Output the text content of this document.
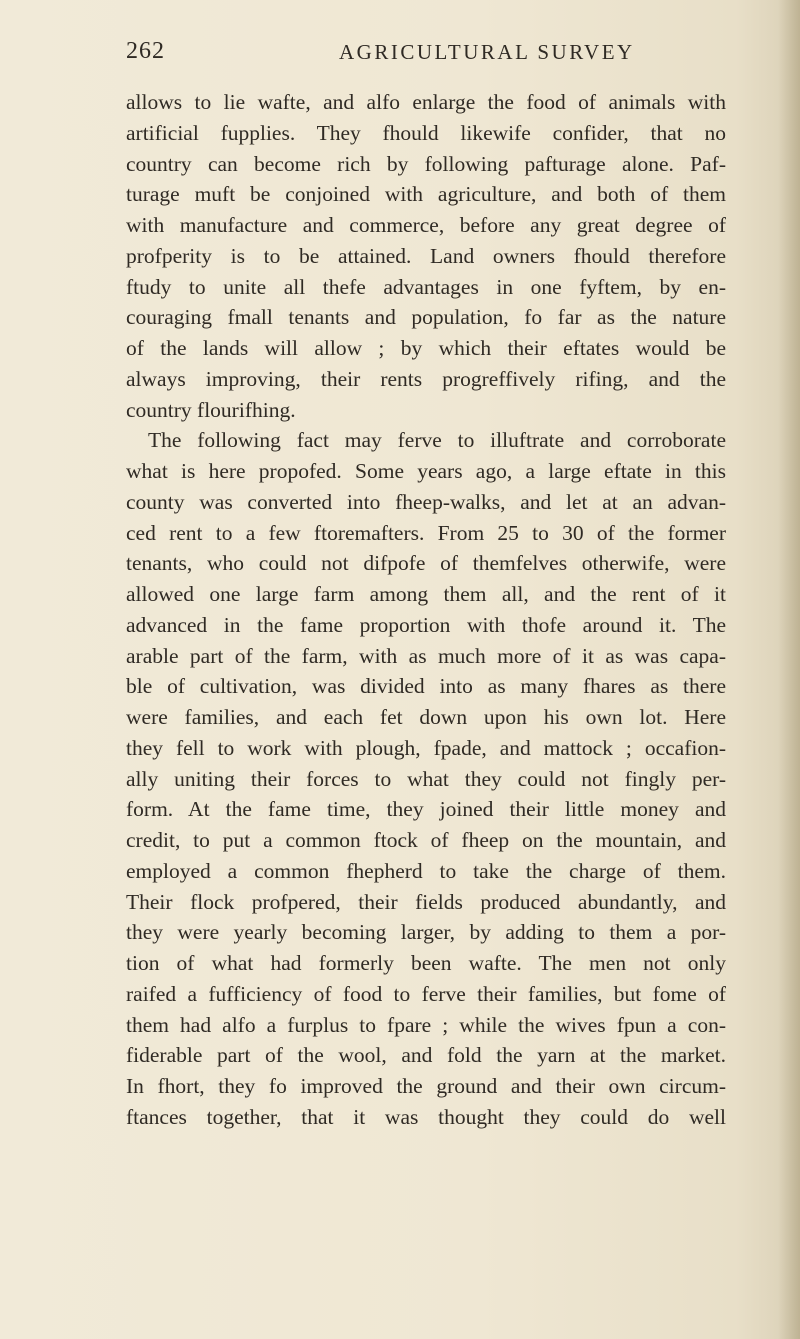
262	AGRICULTURAL SURVEY
allows to lie wafte, and alfo enlarge the food of animals with
artificial fupplies. They fhould likewife confider, that no
country can become rich by following pafturage alone. Paf-
turage muft be conjoined with agriculture, and both of them
with manufacture and commerce, before any great degree of
profperity is to be attained. Land owners fhould therefore
ftudy to unite all thefe advantages in one fyftem, by en-
couraging fmall tenants and population, fo far as the nature
of the lands will allow ; by which their eftates would be
always improving, their rents progreffively rifing, and the
country flourifhing.
The following fact may ferve to illuftrate and corroborate
what is here propofed. Some years ago, a large eftate in this
county was converted into fheep-walks, and let at an advan-
ced rent to a few ftoremafters. From 25 to 30 of the former
tenants, who could not difpofe of themfelves otherwife, were
allowed one large farm among them all, and the rent of it
advanced in the fame proportion with thofe around it. The
arable part of the farm, with as much more of it as was capa-
ble of cultivation, was divided into as many fhares as there
were families, and each fet down upon his own lot. Here
they fell to work with plough, fpade, and mattock ; occafion-
ally uniting their forces to what they could not fingly per-
form. At the fame time, they joined their little money and
credit, to put a common ftock of fheep on the mountain, and
employed a common fhepherd to take the charge of them.
Their flock profpered, their fields produced abundantly, and
they were yearly becoming larger, by adding to them a por-
tion of what had formerly been wafte. The men not only
raifed a fufficiency of food to ferve their families, but fome of
them had alfo a furplus to fpare ; while the wives fpun a con-
fiderable part of the wool, and fold the yarn at the market.
In fhort, they fo improved the ground and their own circum-
ftances together, that it was thought they could do well
